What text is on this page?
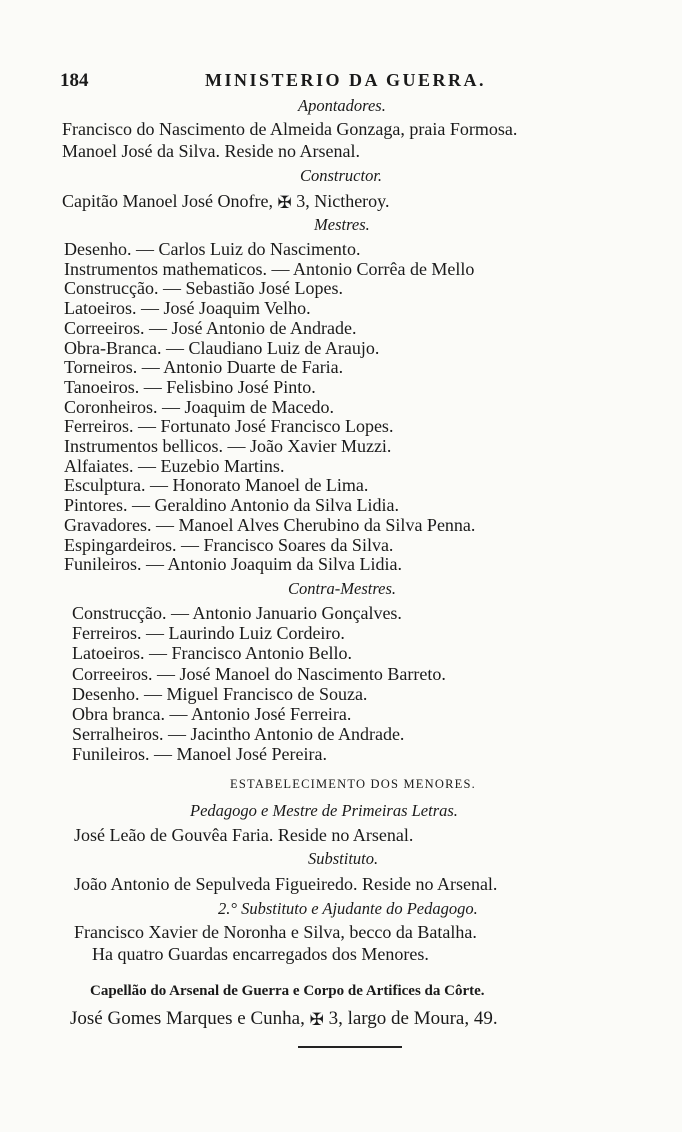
184	MINISTERIO DA GUERRA.
Apontadores.
Francisco do Nascimento de Almeida Gonzaga, praia Formosa.
Manoel José da Silva. Reside no Arsenal.
Constructor.
Capitão Manoel José Onofre, ✠ 3, Nictheroy.
Mestres.
Desenho. — Carlos Luiz do Nascimento.
Instrumentos mathematicos. — Antonio Corrêa de Mello
Construcção. — Sebastião José Lopes.
Latoeiros. — José Joaquim Velho.
Correeiros. — José Antonio de Andrade.
Obra-Branca. — Claudiano Luiz de Araujo.
Torneiros. — Antonio Duarte de Faria.
Tanoeiros. — Felisbino José Pinto.
Coronheiros. — Joaquim de Macedo.
Ferreiros. — Fortunato José Francisco Lopes.
Instrumentos bellicos. — João Xavier Muzzi.
Alfaiates. — Euzebio Martins.
Esculptura. — Honorato Manoel de Lima.
Pintores. — Geraldino Antonio da Silva Lidia.
Gravadores. — Manoel Alves Cherubino da Silva Penna.
Espingardeiros. — Francisco Soares da Silva.
Funileiros. — Antonio Joaquim da Silva Lidia.
Contra-Mestres.
Construcção. — Antonio Januario Gonçalves.
Ferreiros. — Laurindo Luiz Cordeiro.
Latoeiros. — Francisco Antonio Bello.
Correeiros. — José Manoel do Nascimento Barreto.
Desenho. — Miguel Francisco de Souza.
Obra branca. — Antonio José Ferreira.
Serralheiros. — Jacintho Antonio de Andrade.
Funileiros. — Manoel José Pereira.
ESTABELECIMENTO DOS MENORES.
Pedagogo e Mestre de Primeiras Letras.
José Leão de Gouvêa Faria. Reside no Arsenal.
Substituto.
João Antonio de Sepulveda Figueiredo. Reside no Arsenal.
2.° Substituto e Ajudante do Pedagogo.
Francisco Xavier de Noronha e Silva, becco da Batalha.
Ha quatro Guardas encarregados dos Menores.
Capellão do Arsenal de Guerra e Corpo de Artifices da Côrte.
José Gomes Marques e Cunha, ✠ 3, largo de Moura, 49.
